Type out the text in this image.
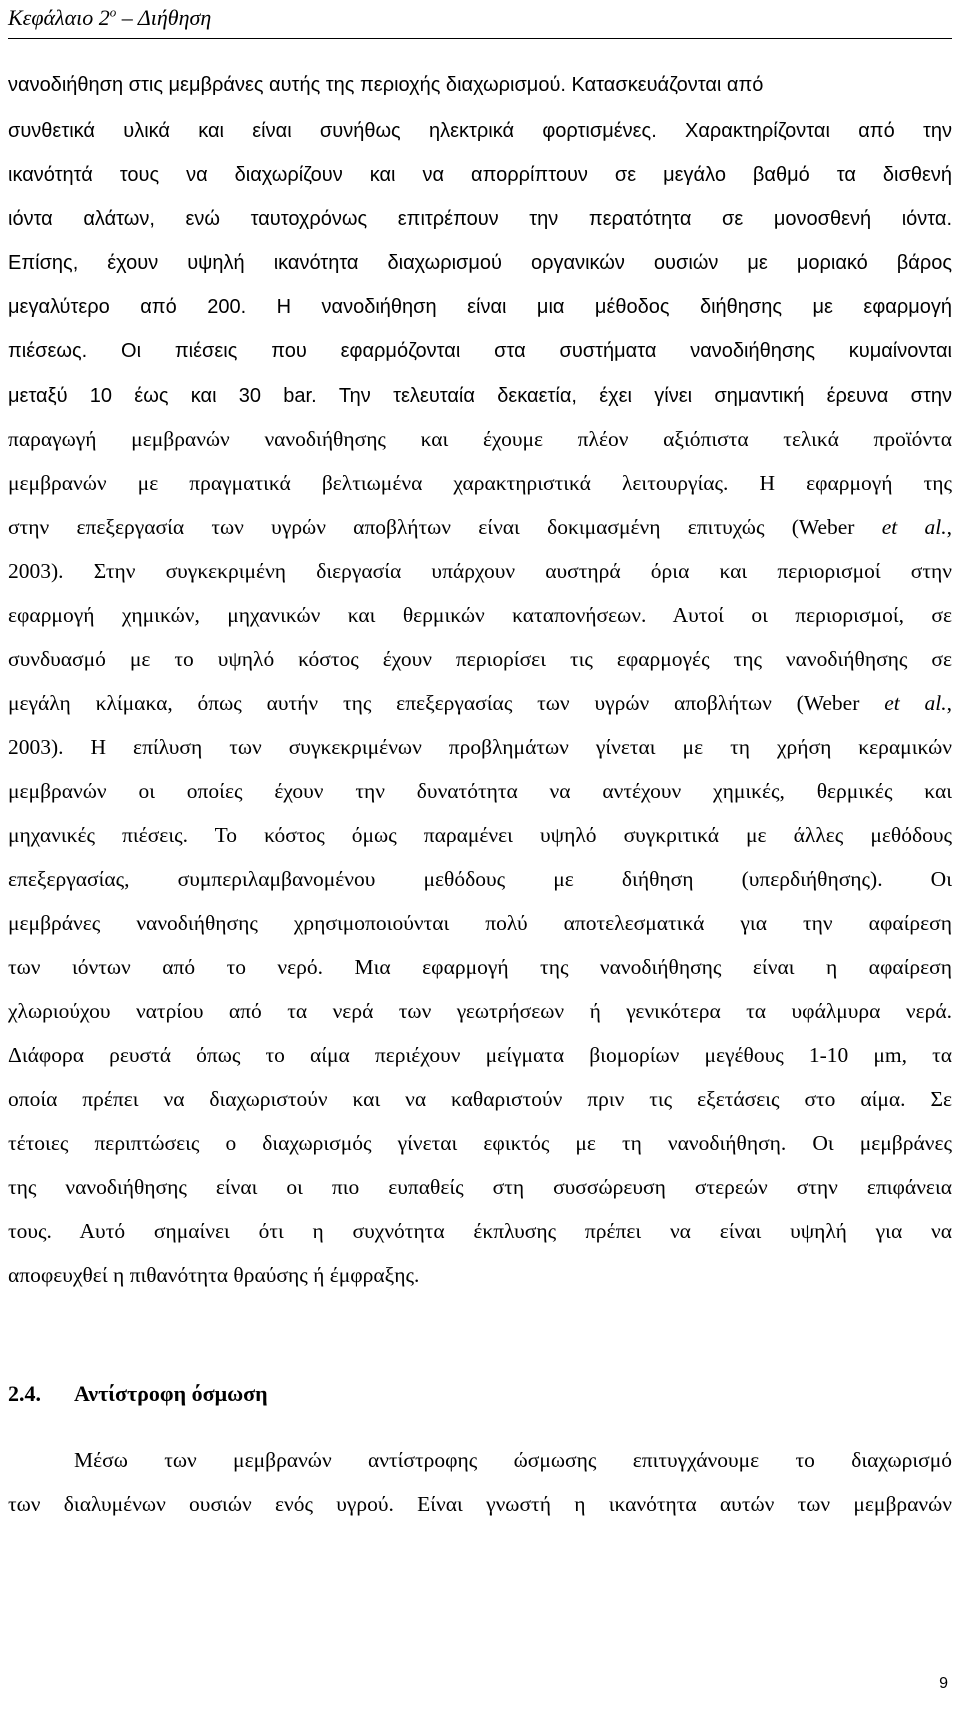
Κεφάλαιο $2^o$ – Διήθηση
νανοδιήθηση στις μεμβράνες αυτής της περιοχής διαχωρισμού. Κατασκευάζονται από
συνθετικά υλικά και είναι συνήθως ηλεκτρικά φορτισμένες. Χαρακτηρίζονται από την
ικανότητά τους να διαχωρίζουν και να απορρίπτουν σε μεγάλο βαθμό τα δισθενή
ιόντα αλάτων, ενώ ταυτοχρόνως επιτρέπουν την περατότητα σε μονοσθενή ιόντα.
Επίσης, έχουν υψηλή ικανότητα διαχωρισμού οργανικών ουσιών με μοριακό βάρος
μεγαλύτερο από 200. Η νανοδιήθηση είναι μια μέθοδος διήθησης με εφαρμογή
πιέσεως. Οι πιέσεις που εφαρμόζονται στα συστήματα νανοδιήθησης κυμαίνονται
μεταξύ 10 έως και 30 bar. Την τελευταία δεκαετία, έχει γίνει σημαντική έρευνα στην
παραγωγή μεμβρανών νανοδιήθησης και έχουμε πλέον αξιόπιστα τελικά προϊόντα
μεμβρανών με πραγματικά βελτιωμένα χαρακτηριστικά λειτουργίας. Η εφαρμογή της
στην επεξεργασία των υγρών αποβλήτων είναι δοκιμασμένη επιτυχώς (Weber et al.,
2003). Στην συγκεκριμένη διεργασία υπάρχουν αυστηρά όρια και περιορισμοί στην
εφαρμογή χημικών, μηχανικών και θερμικών καταπονήσεων. Αυτοί οι περιορισμοί, σε
συνδυασμό με το υψηλό κόστος έχουν περιορίσει τις εφαρμογές της νανοδιήθησης σε
μεγάλη κλίμακα, όπως αυτήν της επεξεργασίας των υγρών αποβλήτων (Weber et al.,
2003). Η επίλυση των συγκεκριμένων προβλημάτων γίνεται με τη χρήση κεραμικών
μεμβρανών οι οποίες έχουν την δυνατότητα να αντέχουν χημικές, θερμικές και
μηχανικές πιέσεις. Το κόστος όμως παραμένει υψηλό συγκριτικά με άλλες μεθόδους
επεξεργασίας, συμπεριλαμβανομένου μεθόδους με διήθηση (υπερδιήθησης). Οι
μεμβράνες νανοδιήθησης χρησιμοποιούνται πολύ αποτελεσματικά για την αφαίρεση
των ιόντων από το νερό. Μια εφαρμογή της νανοδιήθησης είναι η αφαίρεση
χλωριούχου νατρίου από τα νερά των γεωτρήσεων ή γενικότερα τα υφάλμυρα νερά.
Διάφορα ρευστά όπως το αίμα περιέχουν μείγματα βιομορίων μεγέθους 1-10 μm, τα
οποία πρέπει να διαχωριστούν και να καθαριστούν πριν τις εξετάσεις στο αίμα. Σε
τέτοιες περιπτώσεις ο διαχωρισμός γίνεται εφικτός με τη νανοδιήθηση. Οι μεμβράνες
της νανοδιήθησης είναι οι πιο ευπαθείς στη συσσώρευση στερεών στην επιφάνεια
τους. Αυτό σημαίνει ότι η συχνότητα έκπλυσης πρέπει να είναι υψηλή για να
αποφευχθεί η πιθανότητα θραύσης ή έμφραξης.
2.4. Αντίστροφη όσμωση
Μέσω των μεμβρανών αντίστροφης ώσμωσης επιτυγχάνουμε το διαχωρισμό
των διαλυμένων ουσιών ενός υγρού. Είναι γνωστή η ικανότητα αυτών των μεμβρανών
9
